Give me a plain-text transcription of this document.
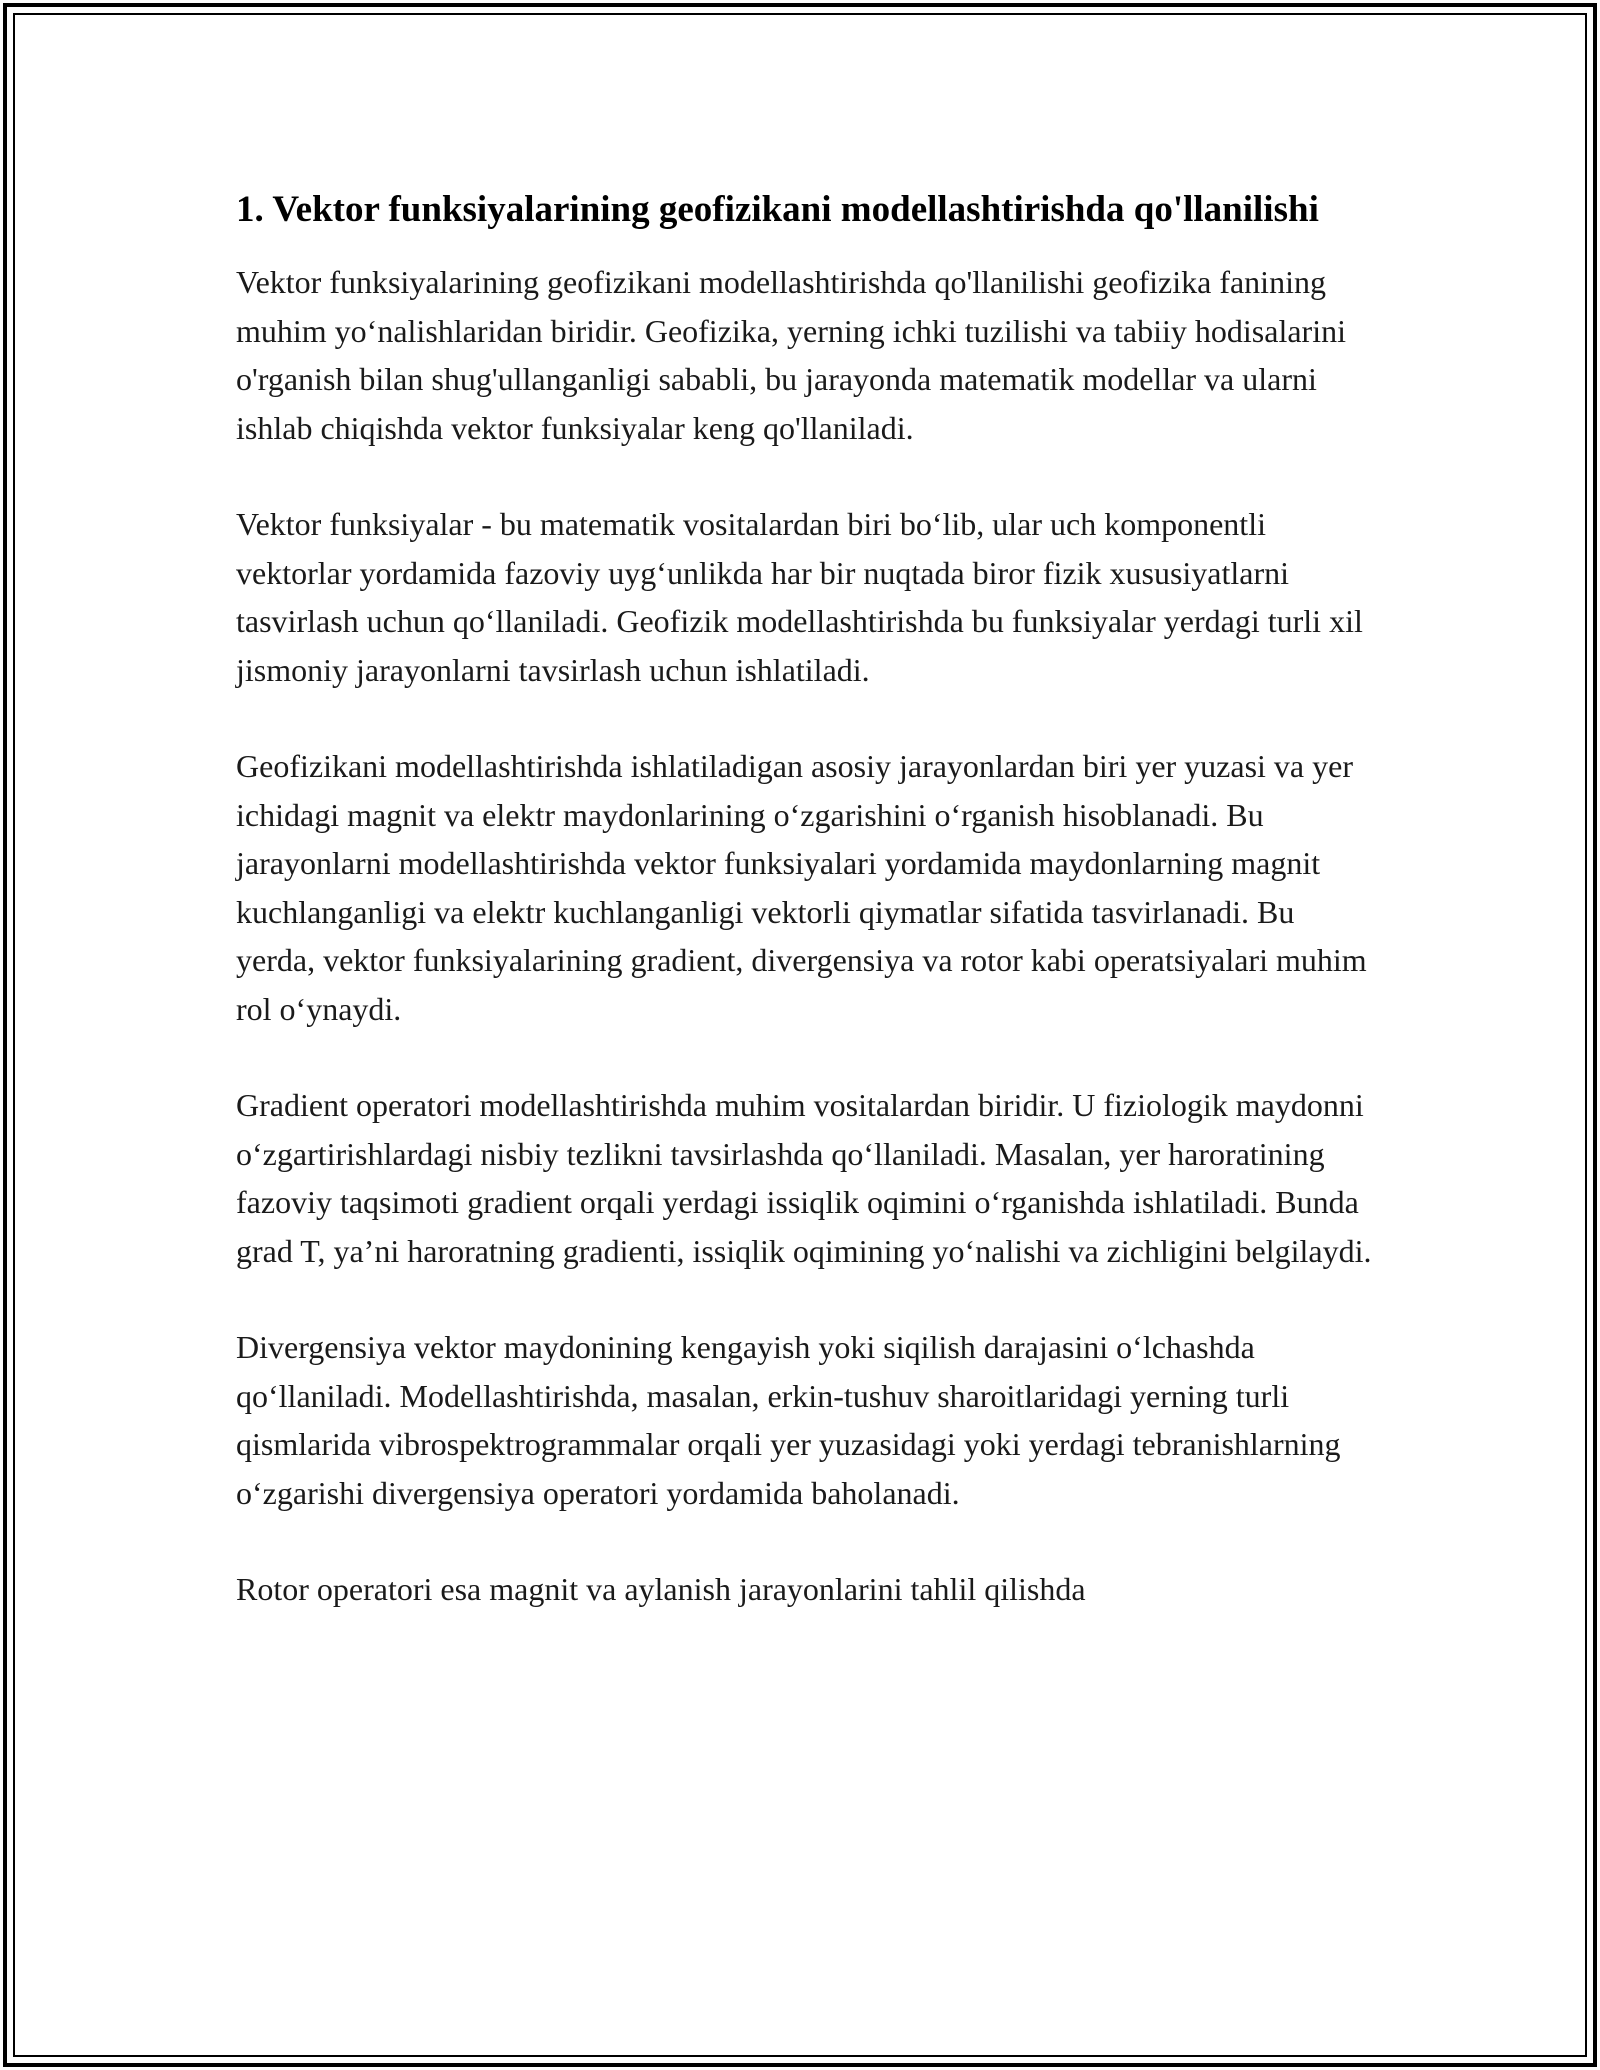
1. Vektor funksiyalarining geofizikani modellashtirishda qo'llanilishi

Vektor funksiyalarining geofizikani modellashtirishda qo'llanilishi geofizika fanining muhim yo‘nalishlaridan biridir. Geofizika, yerning ichki tuzilishi va tabiiy hodisalarini o'rganish bilan shug'ullanganligi sababli, bu jarayonda matematik modellar va ularni ishlab chiqishda vektor funksiyalar keng qo'llaniladi.

Vektor funksiyalar - bu matematik vositalardan biri bo‘lib, ular uch komponentli vektorlar yordamida fazoviy uyg‘unlikda har bir nuqtada biror fizik xususiyatlarni tasvirlash uchun qo‘llaniladi. Geofizik modellashtirishda bu funksiyalar yerdagi turli xil jismoniy jarayonlarni tavsirlash uchun ishlatiladi.

Geofizikani modellashtirishda ishlatiladigan asosiy jarayonlardan biri yer yuzasi va yer ichidagi magnit va elektr maydonlarining o‘zgarishini o‘rganish hisoblanadi. Bu jarayonlarni modellashtirishda vektor funksiyalari yordamida maydonlarning magnit kuchlanganligi va elektr kuchlanganligi vektorli qiymatlar sifatida tasvirlanadi. Bu yerda, vektor funksiyalarining gradient, divergensiya va rotor kabi operatsiyalari muhim rol o‘ynaydi.

Gradient operatori modellashtirishda muhim vositalardan biridir. U fiziologik maydonni o‘zgartirishlardagi nisbiy tezlikni tavsirlashda qo‘llaniladi. Masalan, yer haroratining fazoviy taqsimoti gradient orqali yerdagi issiqlik oqimini o‘rganishda ishlatiladi. Bunda grad T, ya’ni haroratning gradienti, issiqlik oqimining yo‘nalishi va zichligini belgilaydi.

Divergensiya vektor maydonining kengayish yoki siqilish darajasini o‘lchashda qo‘llaniladi. Modellashtirishda, masalan, erkin-tushuv sharoitlaridagi yerning turli qismlarida vibrospektrogrammalar orqali yer yuzasidagi yoki yerdagi tebranishlarning o‘zgarishi divergensiya operatori yordamida baholanadi.

Rotor operatori esa magnit va aylanish jarayonlarini tahlil qilishda
